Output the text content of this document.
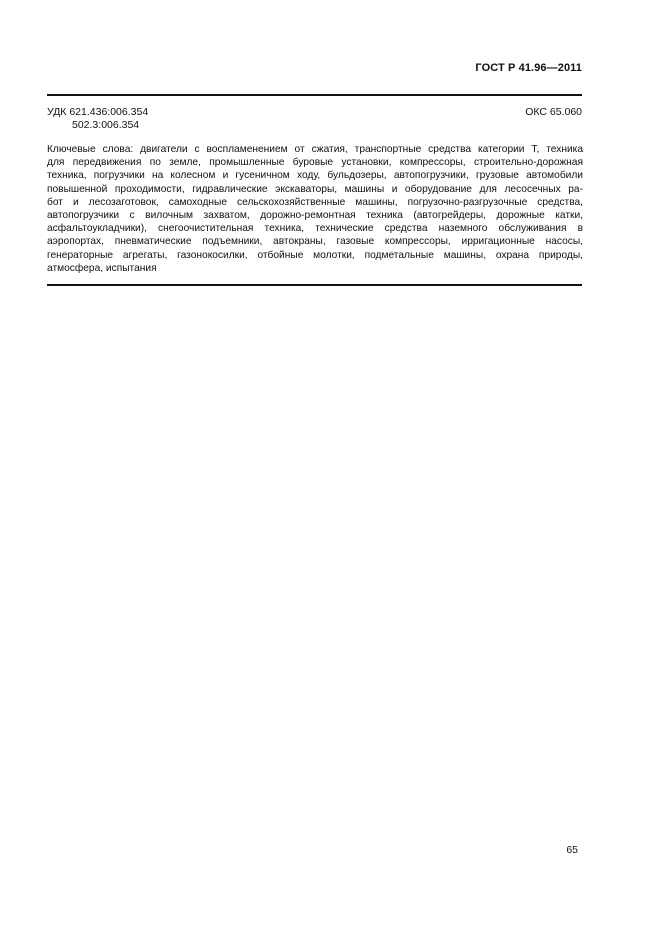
ГОСТ Р 41.96—2011
УДК 621.436:006.354
502.3:006.354
ОКС 65.060
Ключевые слова: двигатели с воспламенением от сжатия, транспортные средства категории Т, техника
для передвижения по земле, промышленные буровые установки, компрессоры, строительно-дорожная
техника, погрузчики на колесном и гусеничном ходу, бульдозеры, автопогрузчики, грузовые автомобили
повышенной проходимости, гидравлические экскаваторы, машины и оборудование для лесосечных ра-
бот и лесозаготовок, самоходные сельскохозяйственные машины, погрузочно-разгрузочные средства,
автопогрузчики с вилочным захватом, дорожно-ремонтная техника (автогрейдеры, дорожные катки,
асфальтоукладчики), снегоочистительная техника, технические средства наземного обслуживания в
аэропортах, пневматические подъемники, автокраны, газовые компрессоры, ирригационные насосы,
генераторные агрегаты, газонокосилки, отбойные молотки, подметальные машины, охрана природы,
атмосфера, испытания
65
